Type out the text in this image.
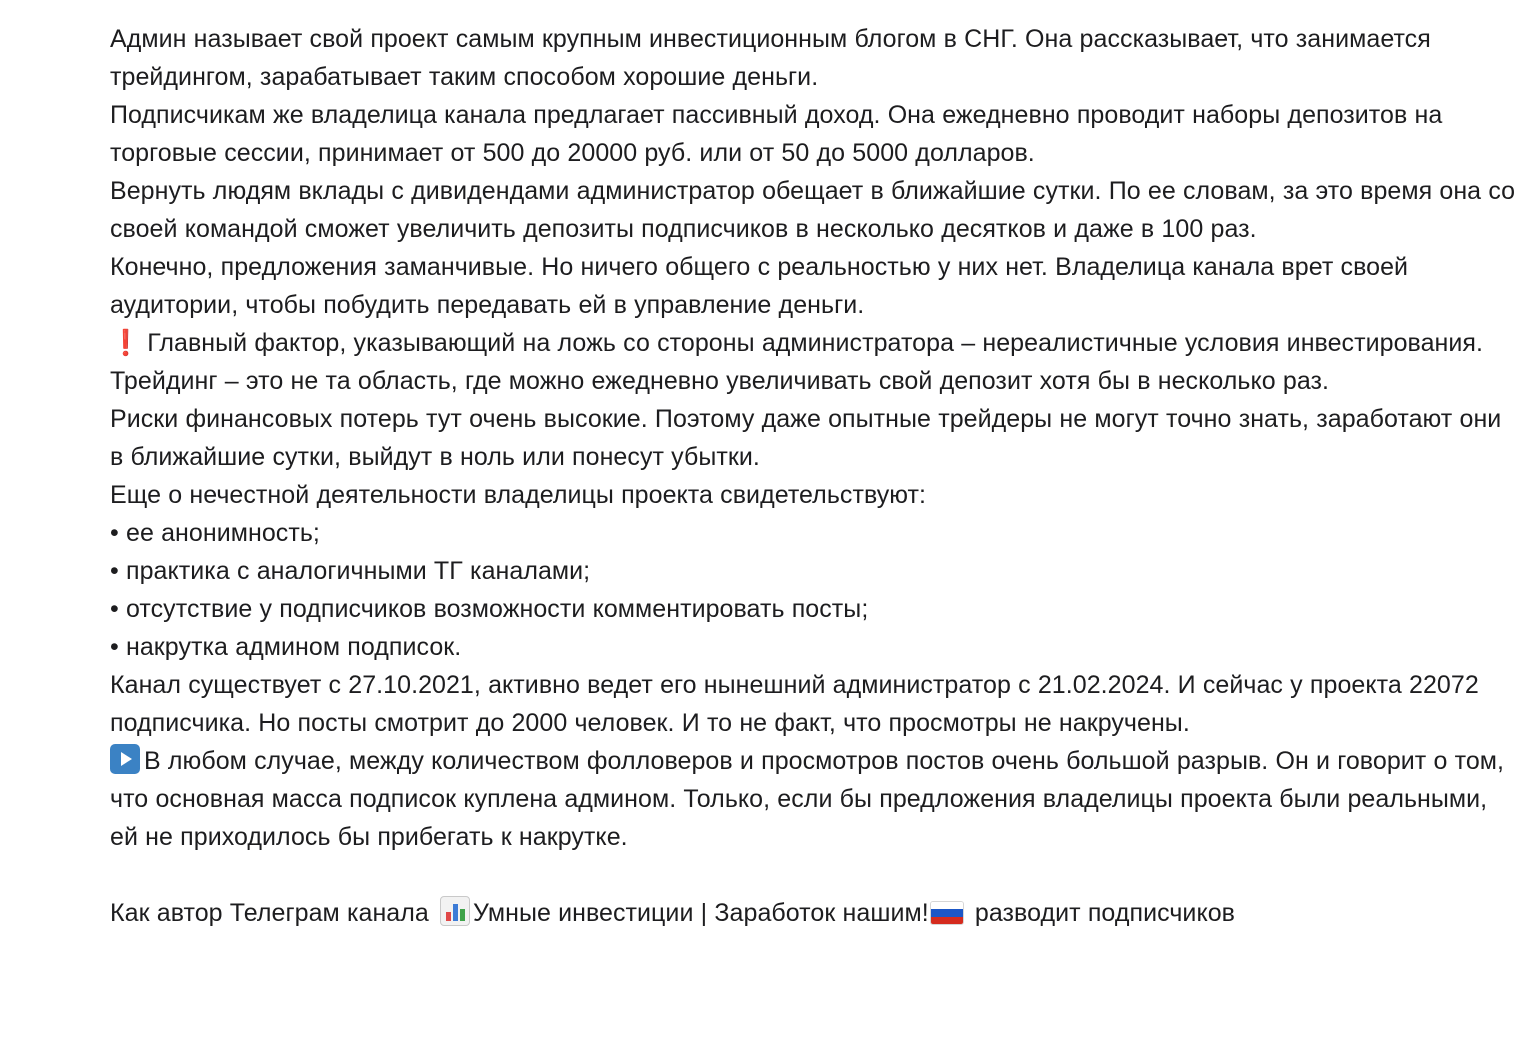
Админ называет свой проект самым крупным инвестиционным блогом в СНГ. Она рассказывает, что занимается трейдингом, зарабатывает таким способом хорошие деньги.

Подписчикам же владелица канала предлагает пассивный доход. Она ежедневно проводит наборы депозитов на торговые сессии, принимает от 500 до 20000 руб. или от 50 до 5000 долларов.

Вернуть людям вклады с дивидендами администратор обещает в ближайшие сутки. По ее словам, за это время она со своей командой сможет увеличить депозиты подписчиков в несколько десятков и даже в 100 раз.

Конечно, предложения заманчивые. Но ничего общего с реальностью у них нет. Владелица канала врет своей аудитории, чтобы побудить передавать ей в управление деньги.

❗ Главный фактор, указывающий на ложь со стороны администратора – нереалистичные условия инвестирования.

Трейдинг – это не та область, где можно ежедневно увеличивать свой депозит хотя бы в несколько раз.

Риски финансовых потерь тут очень высокие. Поэтому даже опытные трейдеры не могут точно знать, заработают они в ближайшие сутки, выйдут в ноль или понесут убытки.

Еще о нечестной деятельности владелицы проекта свидетельствуют:

• ее анонимность;

• практика с аналогичными ТГ каналами;

• отсутствие у подписчиков возможности комментировать посты;

• накрутка админом подписок.

Канал существует с 27.10.2021, активно ведет его нынешний администратор с 21.02.2024. И сейчас у проекта 22072 подписчика. Но посты смотрит до 2000 человек. И то не факт, что просмотры не накручены.

В любом случае, между количеством фолловеров и просмотров постов очень большой разрыв. Он и говорит о том, что основная масса подписок куплена админом. Только, если бы предложения владелицы проекта были реальными, ей не приходилось бы прибегать к накрутке.

Как автор Телеграм канала Умные инвестиции | Заработок нашим! разводит подписчиков
